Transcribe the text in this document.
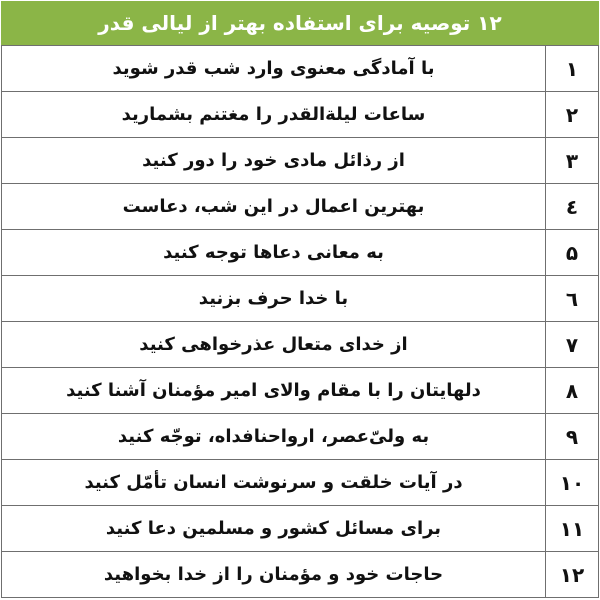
۱۲ توصیه برای استفاده بهتر از لیالی قدر
۱	با آمادگی معنوی وارد شب قدر شوید
۲	ساعات لیلة‌القدر را مغتنم بشمارید
۳	از رذائل مادی خود را دور کنید
٤	بهترین اعمال در این شب، دعاست
۵	به معانی دعاها توجه کنید
٦	با خدا حرف بزنید
۷	از خدای متعال عذرخواهی کنید
۸	دلهایتان را با مقام والای امیر مؤمنان آشنا کنید
۹	به ولیّ‌عصر، ارواحنافداه، توجّه کنید
۱۰	در آیات خلقت و سرنوشت انسان تأمّل کنید
۱۱	برای مسائل کشور و مسلمین دعا کنید
۱۲	حاجات خود و مؤمنان را از خدا بخواهید
